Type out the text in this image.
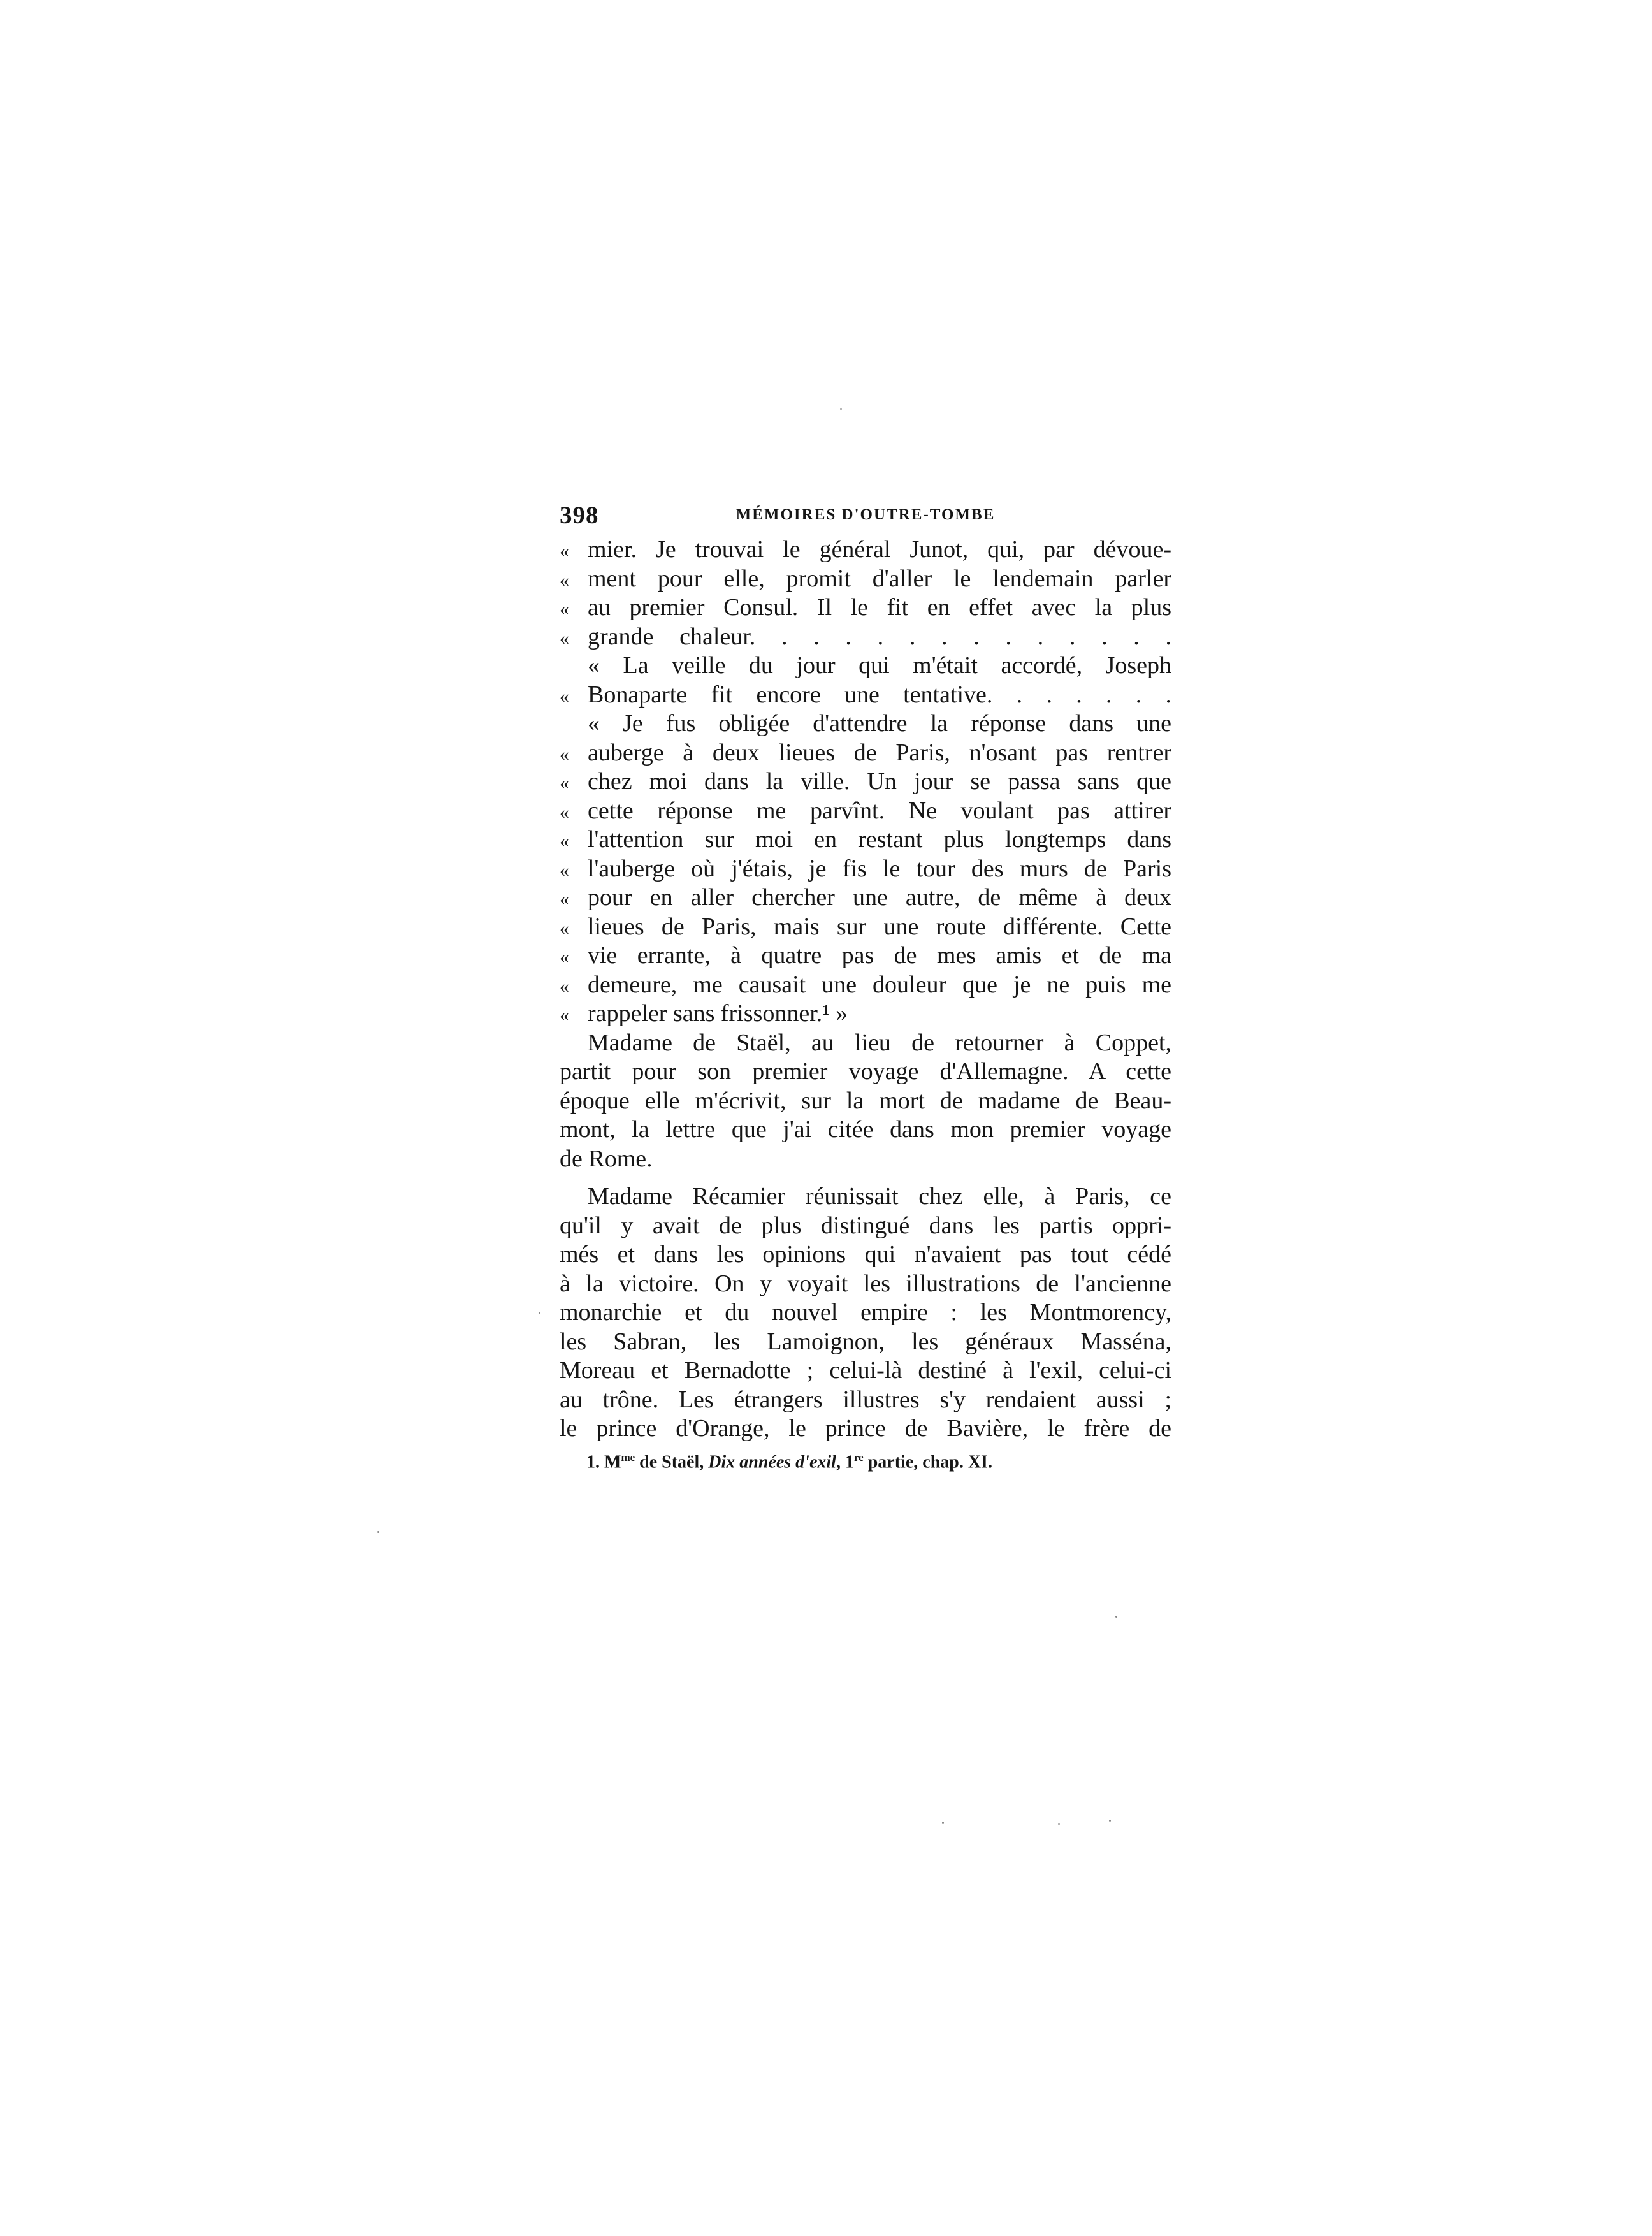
398	MÉMOIRES D'OUTRE-TOMBE
« mier. Je trouvai le général Junot, qui, par dévoue-
« ment pour elle, promit d'aller le lendemain parler
« au premier Consul. Il le fit en effet avec la plus
« grande chaleur. . . . . . . . . . . . . .
« La veille du jour qui m'était accordé, Joseph
« Bonaparte fit encore une tentative. . . . . . .
« Je fus obligée d'attendre la réponse dans une
« auberge à deux lieues de Paris, n'osant pas rentrer
« chez moi dans la ville. Un jour se passa sans que
« cette réponse me parvînt. Ne voulant pas attirer
« l'attention sur moi en restant plus longtemps dans
« l'auberge où j'étais, je fis le tour des murs de Paris
« pour en aller chercher une autre, de même à deux
« lieues de Paris, mais sur une route différente. Cette
« vie errante, à quatre pas de mes amis et de ma
« demeure, me causait une douleur que je ne puis me
« rappeler sans frissonner.¹ »
Madame de Staël, au lieu de retourner à Coppet,
partit pour son premier voyage d'Allemagne. A cette
époque elle m'écrivit, sur la mort de madame de Beau-
mont, la lettre que j'ai citée dans mon premier voyage
de Rome.
Madame Récamier réunissait chez elle, à Paris, ce
qu'il y avait de plus distingué dans les partis oppri-
més et dans les opinions qui n'avaient pas tout cédé
à la victoire. On y voyait les illustrations de l'ancienne
monarchie et du nouvel empire : les Montmorency,
les Sabran, les Lamoignon, les généraux Masséna,
Moreau et Bernadotte ; celui-là destiné à l'exil, celui-ci
au trône. Les étrangers illustres s'y rendaient aussi ;
le prince d'Orange, le prince de Bavière, le frère de
1. $M^{me}$ de Staël, Dix années d'exil, 1re partie, chap. XI.
